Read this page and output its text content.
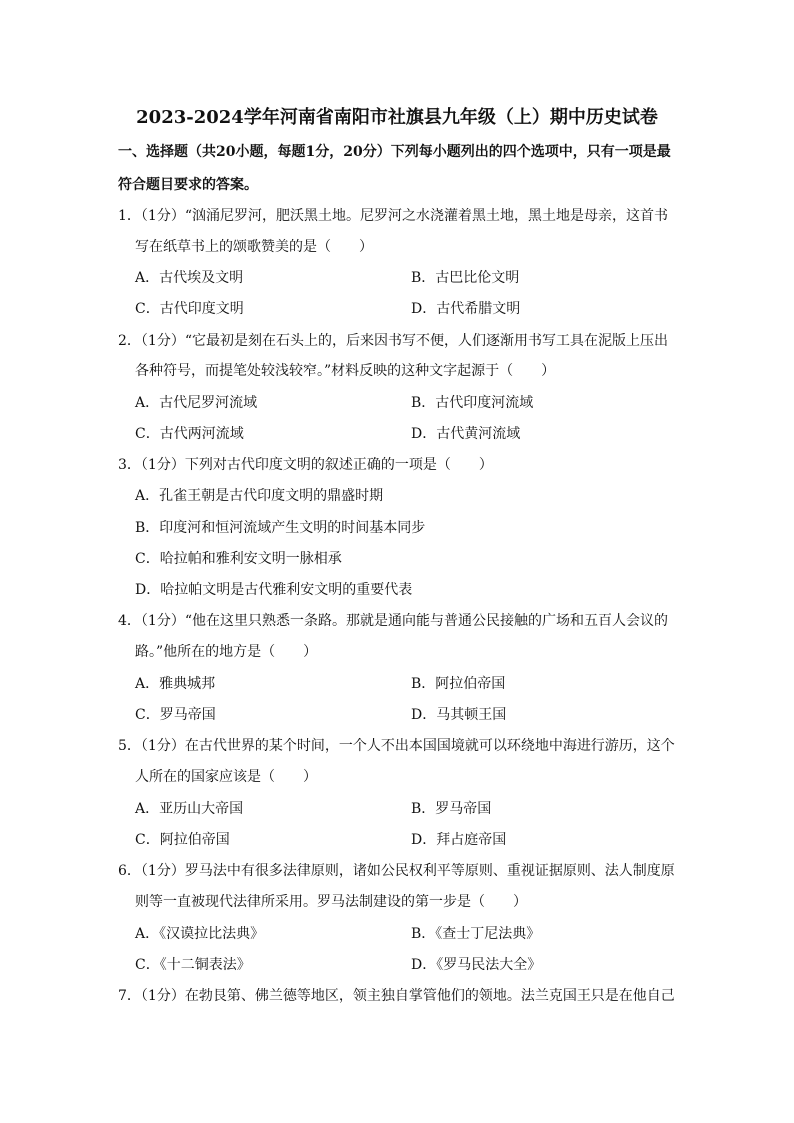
2023-2024学年河南省南阳市社旗县九年级（上）期中历史试卷
一、选择题（共20小题，每题1分，20分）下列每小题列出的四个选项中，只有一项是最
符合题目要求的答案。
1．（1分）“汹涌尼罗河，肥沃黑土地。尼罗河之水浇灌着黑土地，黑土地是母亲，这首书
写在纸草书上的颂歌赞美的是（　　）
A．古代埃及文明	B．古巴比伦文明
C．古代印度文明	D．古代希腊文明
2．（1分）“它最初是刻在石头上的，后来因书写不便，人们逐渐用书写工具在泥版上压出
各种符号，而提笔处较浅较窄。”材料反映的这种文字起源于（　　）
A．古代尼罗河流域	B．古代印度河流域
C．古代两河流域	D．古代黄河流域
3．（1分）下列对古代印度文明的叙述正确的一项是（　　）
A．孔雀王朝是古代印度文明的鼎盛时期
B．印度河和恒河流域产生文明的时间基本同步
C．哈拉帕和雅利安文明一脉相承
D．哈拉帕文明是古代雅利安文明的重要代表
4．（1分）“他在这里只熟悉一条路。那就是通向能与普通公民接触的广场和五百人会议的
路。”他所在的地方是（　　）
A．雅典城邦	B．阿拉伯帝国
C．罗马帝国	D．马其顿王国
5．（1分）在古代世界的某个时间，一个人不出本国国境就可以环绕地中海进行游历，这个
人所在的国家应该是（　　）
A．亚历山大帝国	B．罗马帝国
C．阿拉伯帝国	D．拜占庭帝国
6．（1分）罗马法中有很多法律原则，诸如公民权利平等原则、重视证据原则、法人制度原
则等一直被现代法律所采用。罗马法制建设的第一步是（　　）
A．《汉谟拉比法典》	B．《查士丁尼法典》
C．《十二铜表法》	D．《罗马民法大全》
7．（1分）在勃艮第、佛兰德等地区，领主独自掌管他们的领地。法兰克国王只是在他自己
